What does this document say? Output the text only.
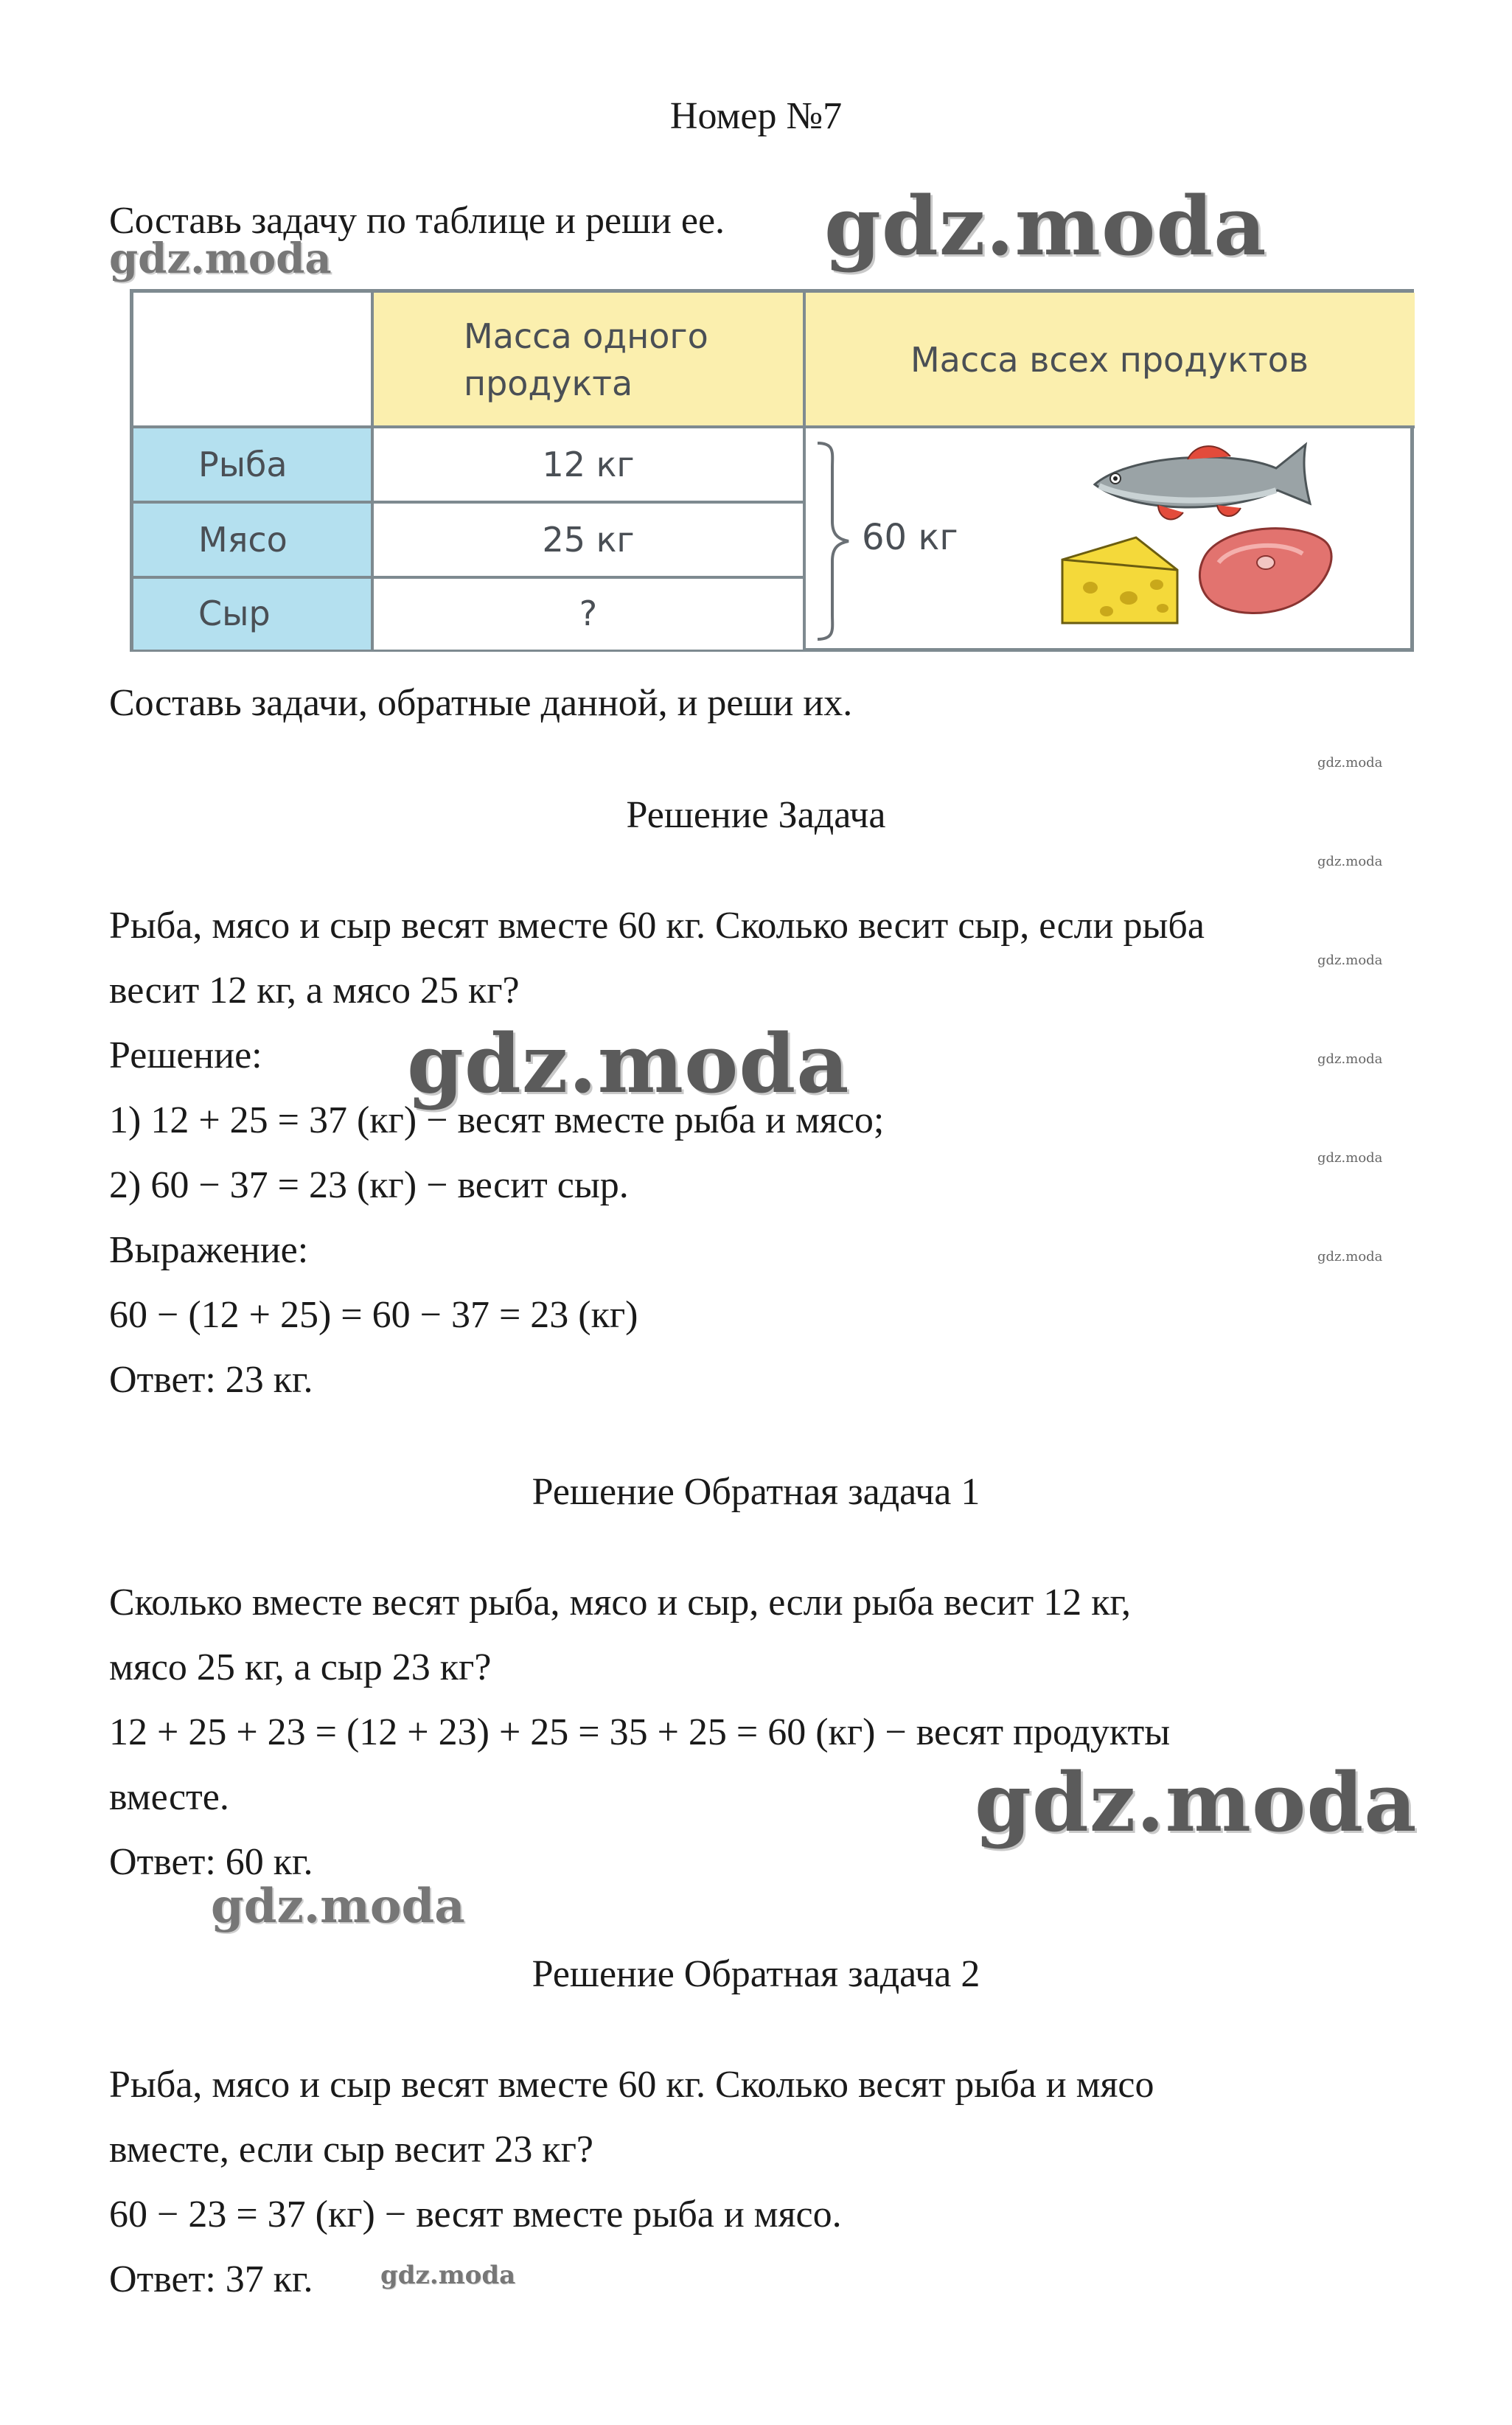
Номер №7
Составь задачу по таблице и реши ее. gdz.moda
gdz.moda
Масса одного
продукта
Масса всех продуктов
Рыба	12 кг
Мясо	25 кг
Сыр	?
60 кг
Составь задачи, обратные данной, и реши их.
gdz.moda
gdz.moda
gdz.moda
gdz.moda
gdz.moda
gdz.moda
Решение Задача
Рыба, мясо и сыр весят вместе 60 кг. Сколько весит сыр, если рыба
весит 12 кг, а мясо 25 кг?
Решение:
1) 12 + 25 = 37 (кг) − весят вместе рыба и мясо;
2) 60 − 37 = 23 (кг) − весит сыр.
Выражение:
60 − (12 + 25) = 60 − 37 = 23 (кг)
Ответ: 23 кг.
gdz.moda
Решение Обратная задача 1
Сколько вместе весят рыба, мясо и сыр, если рыба весит 12 кг,
мясо 25 кг, а сыр 23 кг?
12 + 25 + 23 = (12 + 23) + 25 = 35 + 25 = 60 (кг) − весят продукты
вместе.
Ответ: 60 кг.
gdz.moda
gdz.moda
Решение Обратная задача 2
Рыба, мясо и сыр весят вместе 60 кг. Сколько весят рыба и мясо
вместе, если сыр весит 23 кг?
60 − 23 = 37 (кг) − весят вместе рыба и мясо.
Ответ: 37 кг.	gdz.moda
